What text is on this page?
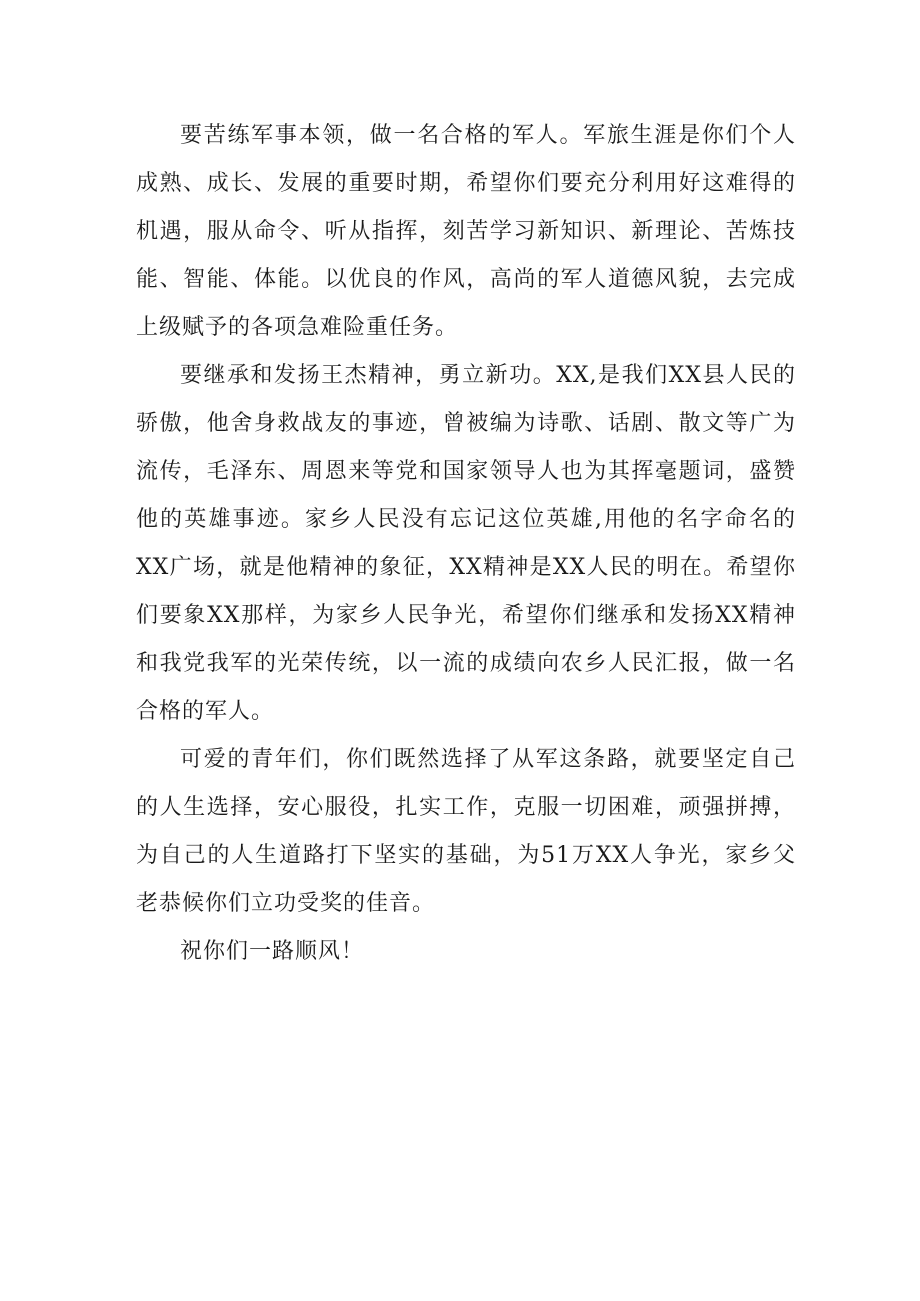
要苦练军事本领，做一名合格的军人。军旅生涯是你们个人成熟、成长、发展的重要时期，希望你们要充分利用好这难得的机遇，服从命令、听从指挥，刻苦学习新知识、新理论、苦炼技能、智能、体能。以优良的作风，高尚的军人道德风貌，去完成上级赋予的各项急难险重任务。

要继承和发扬王杰精神，勇立新功。XX,是我们XX县人民的骄傲，他舍身救战友的事迹，曾被编为诗歌、话剧、散文等广为流传，毛泽东、周恩来等党和国家领导人也为其挥毫题词，盛赞他的英雄事迹。家乡人民没有忘记这位英雄,用他的名字命名的XX广场，就是他精神的象征，XX精神是XX人民的明在。希望你们要象XX那样，为家乡人民争光，希望你们继承和发扬XX精神和我党我军的光荣传统，以一流的成绩向农乡人民汇报，做一名合格的军人。

可爱的青年们，你们既然选择了从军这条路，就要坚定自己的人生选择，安心服役，扎实工作，克服一切困难，顽强拼搏，为自己的人生道路打下坚实的基础，为51万XX人争光，家乡父老恭候你们立功受奖的佳音。

祝你们一路顺风！
